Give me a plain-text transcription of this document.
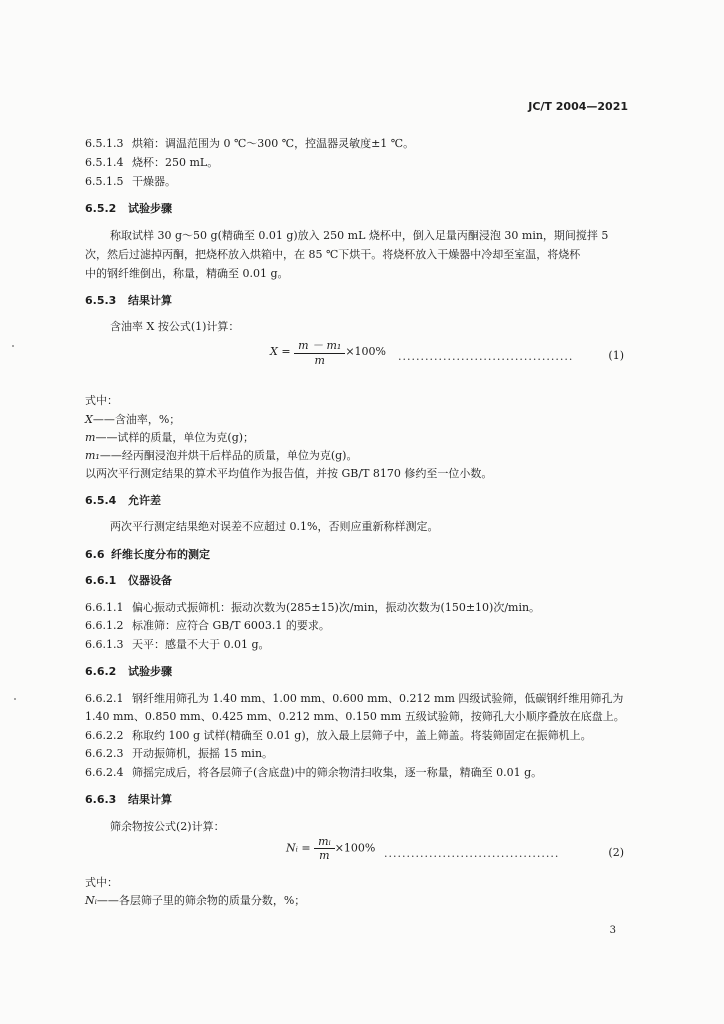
JC/T 2004—2021
6.5.1.3 烘箱：调温范围为 0 ℃～300 ℃，控温器灵敏度±1 ℃。
6.5.1.4 烧杯：250 mL。
6.5.1.5 干燥器。
6.5.2 试验步骤
称取试样 30 g～50 g(精确至 0.01 g)放入 250 mL 烧杯中，倒入足量丙酮浸泡 30 min，期间搅拌 5
次，然后过滤掉丙酮，把烧杯放入烘箱中，在 85 ℃下烘干。将烧杯放入干燥器中冷却至室温，将烧杯
中的钢纤维倒出，称量，精确至 0.01 g。
6.5.3 结果计算
含油率 X 按公式(1)计算：
$X = \frac{\text{m － m₁}}{m} \times 100\%$ .......................................	(1)
式中：
X——含油率，%；
m——试样的质量，单位为克(g)；
m₁——经丙酮浸泡并烘干后样品的质量，单位为克(g)。
以两次平行测定结果的算术平均值作为报告值，并按 GB/T 8170 修约至一位小数。
6.5.4 允许差
两次平行测定结果绝对误差不应超过 0.1%，否则应重新称样测定。
6.6 纤维长度分布的测定
6.6.1 仪器设备
6.6.1.1 偏心振动式振筛机：振动次数为(285±15)次/min，振动次数为(150±10)次/min。
6.6.1.2 标准筛：应符合 GB/T 6003.1 的要求。
6.6.1.3 天平：感量不大于 0.01 g。
6.6.2 试验步骤
6.6.2.1 钢纤维用筛孔为 1.40 mm、1.00 mm、0.600 mm、0.212 mm 四级试验筛，低碳钢纤维用筛孔为
1.40 mm、0.850 mm、0.425 mm、0.212 mm、0.150 mm 五级试验筛，按筛孔大小顺序叠放在底盘上。
6.6.2.2 称取约 100 g 试样(精确至 0.01 g)，放入最上层筛子中，盖上筛盖。将装筛固定在振筛机上。
6.6.2.3 开动振筛机，振摇 15 min。
6.6.2.4 筛摇完成后，将各层筛子(含底盘)中的筛余物清扫收集，逐一称量，精确至 0.01 g。
6.6.3 结果计算
筛余物按公式(2)计算：
Nᵢ = $\frac{\text{mᵢ}}{m} \times 100\%$ .......................................	(2)
式中：
Nᵢ——各层筛子里的筛余物的质量分数，%；
3
